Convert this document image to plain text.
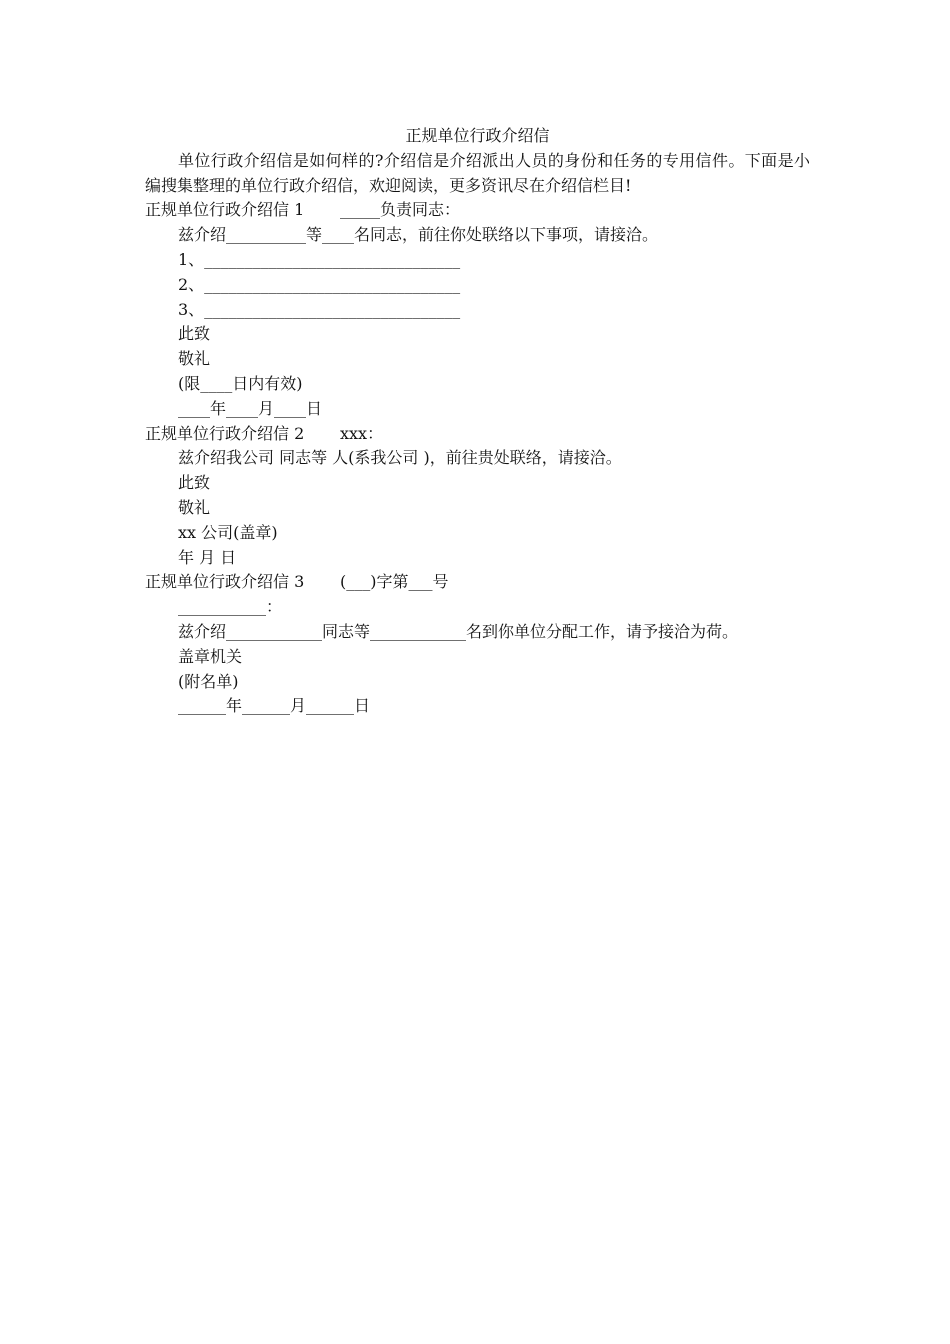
正规单位行政介绍信
单位行政介绍信是如何样的?介绍信是介绍派出人员的身份和任务的专用信件。下面是小编搜集整理的单位行政介绍信，欢迎阅读，更多资讯尽在介绍信栏目!
正规单位行政介绍信 1 _____负责同志：
兹介绍__________等____名同志，前往你处联络以下事项，请接洽。
1、________________________________
2、________________________________
3、________________________________
此致
敬礼
(限____日内有效)
____年____月____日
正规单位行政介绍信 2 xxx：
兹介绍我公司 同志等 人(系我公司 )，前往贵处联络，请接洽。
此致
敬礼
xx 公司(盖章)
年 月 日
正规单位行政介绍信 3 (___)字第___号
___________：
兹介绍____________同志等____________名到你单位分配工作，请予接洽为荷。
盖章机关
(附名单)
______年______月______日
